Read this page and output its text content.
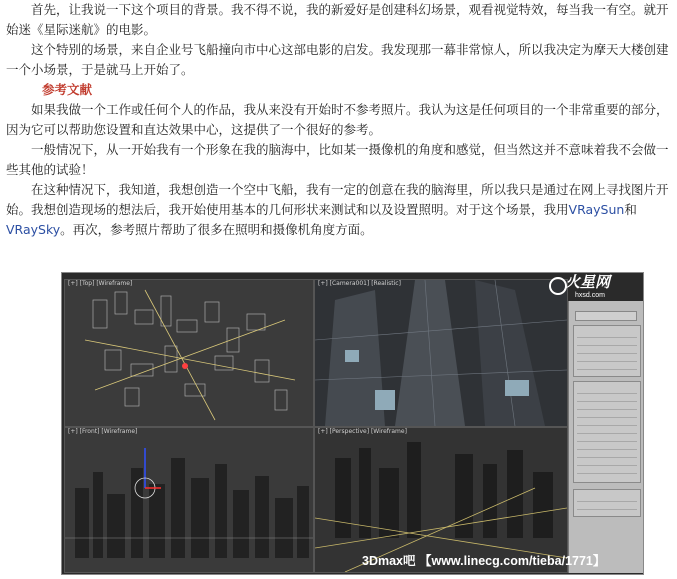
首先，让我说一下这个项目的背景。我不得不说，我的新爱好是创建科幻场景，观看视觉特效，每当我一有空。就开始迷《星际迷航》的电影。

这个特别的场景，来自企业号飞船撞向市中心这部电影的启发。我发现那一幕非常惊人，所以我决定为摩天大楼创建一个小场景，于是就马上开始了。

参考文献

如果我做一个工作或任何个人的作品，我从来没有开始时不参考照片。我认为这是任何项目的一个非常重要的部分，因为它可以帮助您设置和直达效果中心，这提供了一个很好的参考。

一般情况下，从一开始我有一个形象在我的脑海中，比如某一摄像机的角度和感觉，但当然这并不意味着我不会做一些其他的试验！

在这种情况下，我知道，我想创造一个空中飞船，我有一定的创意在我的脑海里，所以我只是通过在网上寻找图片开始。我想创造现场的想法后，我开始使用基本的几何形状来测试和以及设置照明。对于这个场景，我用VRaySun和VRaySky。再次，参考照片帮助了很多在照明和摄像机角度方面。

[+] [Top] [Wireframe]	[+] [Camera001] [Realistic]
[+] [Front] [Wireframe]	[+] [Perspective] [Wireframe]
火星网
hxsd.com
3Dmax吧 【www.linecg.com/tieba/1771】
